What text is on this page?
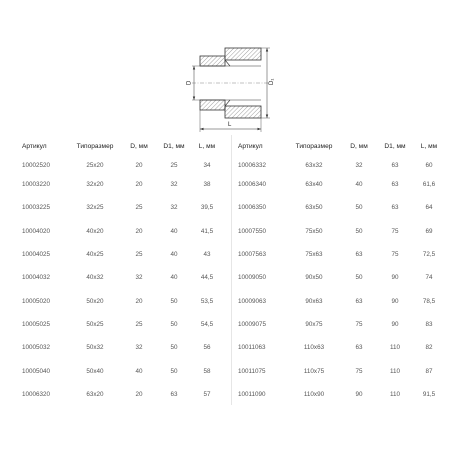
D	D₁
L
Артикул	Типоразмер	D, мм	D1, мм	L, мм
10002520	25x20	20	25	34
10003220	32x20	20	32	38
10003225	32x25	25	32	39,5
10004020	40x20	20	40	41,5
10004025	40x25	25	40	43
10004032	40x32	32	40	44,5
10005020	50x20	20	50	53,5
10005025	50x25	25	50	54,5
10005032	50x32	32	50	56
10005040	50x40	40	50	58
10006320	63x20	20	63	57
Артикул	Типоразмер	D, мм	D1, мм	L, мм
10006332	63x32	32	63	60
10006340	63x40	40	63	61,6
10006350	63x50	50	63	64
10007550	75x50	50	75	69
10007563	75x63	63	75	72,5
10009050	90x50	50	90	74
10009063	90x63	63	90	78,5
10009075	90x75	75	90	83
10011063	110x63	63	110	82
10011075	110x75	75	110	87
10011090	110x90	90	110	91,5
